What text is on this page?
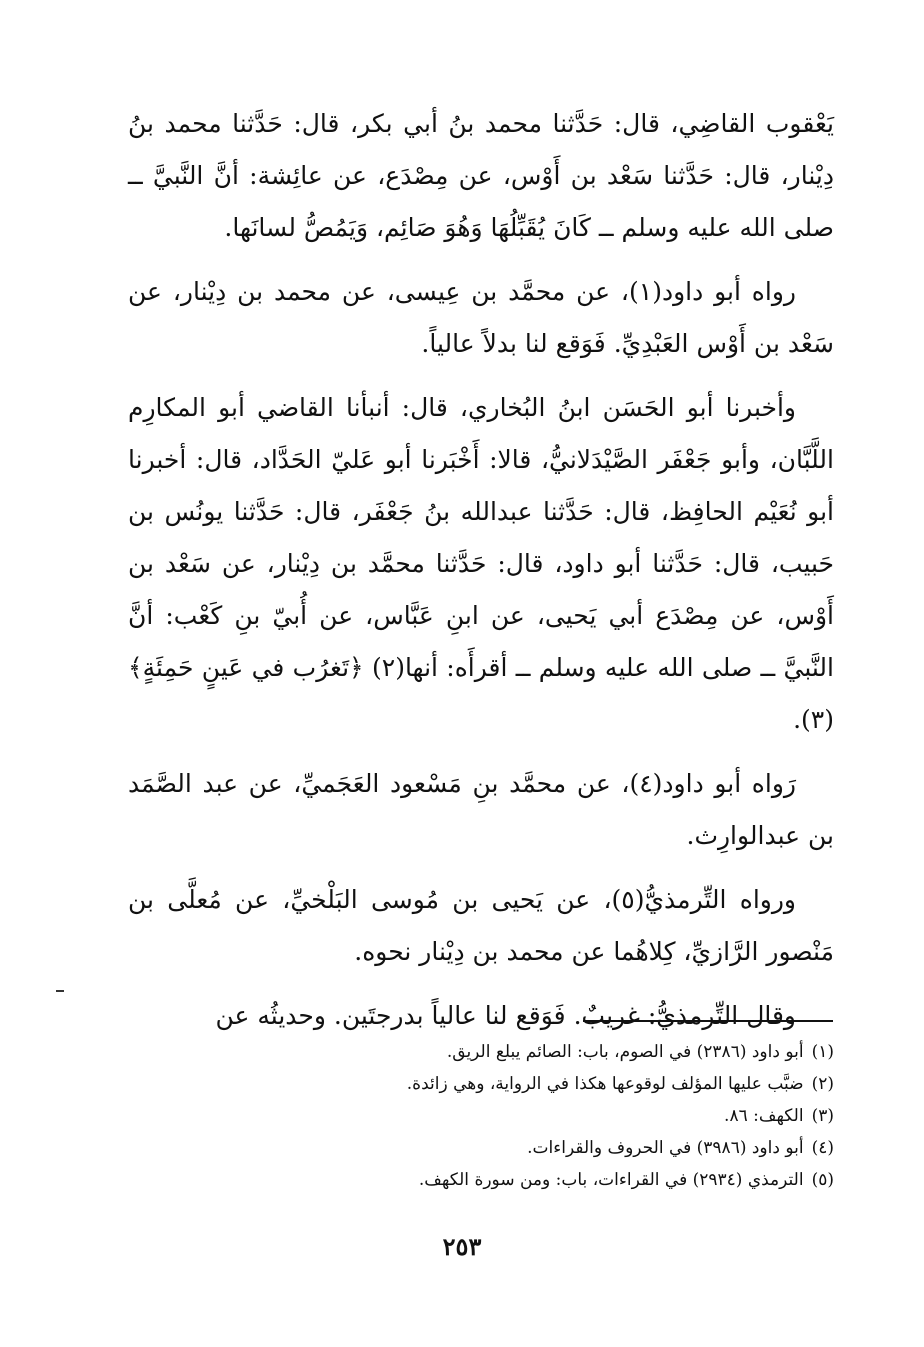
يَعْقوب القاضِي، قال: حَدَّثنا محمد بنُ أبي بكر، قال: حَدَّثنا محمد بنُ دِيْنار، قال: حَدَّثنا سَعْد بن أَوْس، عن مِصْدَع، عن عائِشة: أنَّ النَّبيَّ ــ صلى الله عليه وسلم ــ كَانَ يُقَبِّلُهَا وَهُوَ صَائِم، وَيَمُصُّ لسانَها.

رواه أبو داود(١)، عن محمَّد بن عِيسى، عن محمد بن دِيْنار، عن سَعْد بن أَوْس العَبْدِيِّ. فَوَقع لنا بدلاً عالياً.

وأخبرنا أبو الحَسَن ابنُ البُخاري، قال: أنبأنا القاضي أبو المكارِم اللَّبَّان، وأبو جَعْفَر الصَّيْدَلانيُّ، قالا: أَخْبَرنا أبو عَليّ الحَدَّاد، قال: أخبرنا أبو نُعَيْم الحافِظ، قال: حَدَّثنا عبدالله بنُ جَعْفَر، قال: حَدَّثنا يونُس بن حَبيب، قال: حَدَّثنا أبو داود، قال: حَدَّثنا محمَّد بن دِيْنار، عن سَعْد بن أَوْس، عن مِصْدَع أبي يَحيى، عن ابنِ عَبَّاس، عن أُبيّ بنِ كَعْب: أنَّ النَّبيَّ ــ صلى الله عليه وسلم ــ أقرأَه: أنها(٢) ﴿تَغرُب في عَينٍ حَمِئَةٍ﴾(٣).

رَواه أبو داود(٤)، عن محمَّد بنِ مَسْعود العَجَميِّ، عن عبد الصَّمَد بن عبدالوارِث.

ورواه التِّرمذيُّ(٥)، عن يَحيى بن مُوسى البَلْخيِّ، عن مُعلَّى بن مَنْصور الرَّازيِّ، كِلاهُما عن محمد بن دِيْنار نحوه.

وقال التِّرمذيُّ: غريبٌ. فَوَقع لنا عالياً بدرجتَين. وحديثُه عن

(١)أبو داود (٢٣٨٦) في الصوم، باب: الصائم يبلع الريق.

(٢)ضبَّب عليها المؤلف لوقوعها هكذا في الرواية، وهي زائدة.

(٣)الكهف: ٨٦.

(٤)أبو داود (٣٩٨٦) في الحروف والقراءات.

(٥)الترمذي (٢٩٣٤) في القراءات، باب: ومن سورة الكهف.

٢٥٣
